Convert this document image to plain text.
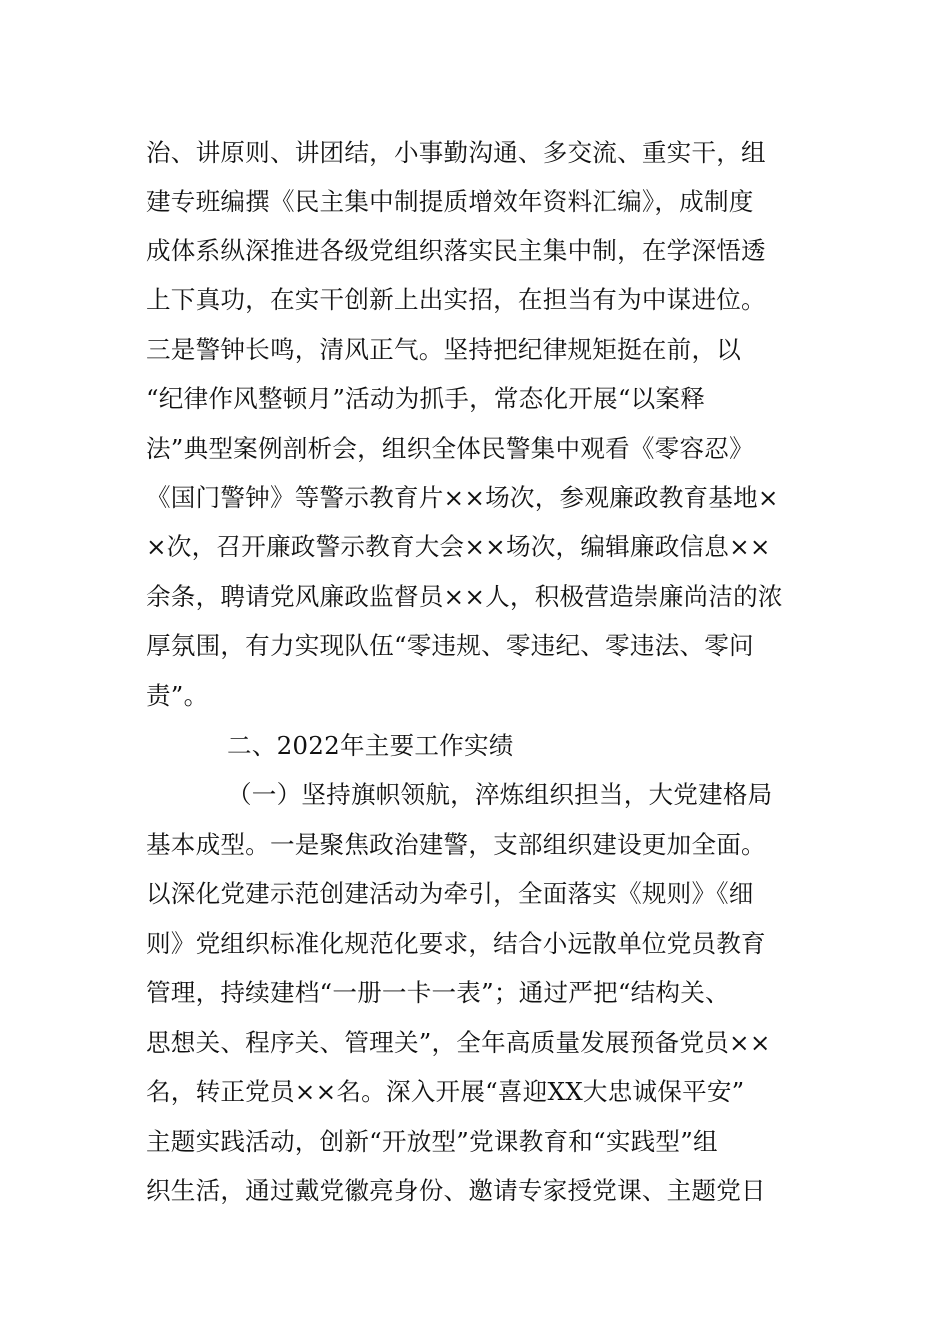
治、讲原则、讲团结，小事勤沟通、多交流、重实干，组
建专班编撰《民主集中制提质增效年资料汇编》，成制度
成体系纵深推进各级党组织落实民主集中制，在学深悟透
上下真功，在实干创新上出实招，在担当有为中谋进位。
三是警钟长鸣，清风正气。坚持把纪律规矩挺在前，以
“纪律作风整顿月”活动为抓手，常态化开展“以案释
法”典型案例剖析会，组织全体民警集中观看《零容忍》
《国门警钟》等警示教育片××场次，参观廉政教育基地×
×次，召开廉政警示教育大会××场次，编辑廉政信息××
余条，聘请党风廉政监督员××人，积极营造崇廉尚洁的浓
厚氛围，有力实现队伍“零违规、零违纪、零违法、零问
责”。
二、2022年主要工作实绩
（一）坚持旗帜领航，淬炼组织担当，大党建格局
基本成型。一是聚焦政治建警，支部组织建设更加全面。
以深化党建示范创建活动为牵引，全面落实《规则》《细
则》党组织标准化规范化要求，结合小远散单位党员教育
管理，持续建档“一册一卡一表”；通过严把“结构关、
思想关、程序关、管理关”，全年高质量发展预备党员××
名，转正党员××名。深入开展“喜迎XX大忠诚保平安”
主题实践活动，创新“开放型”党课教育和“实践型”组
织生活，通过戴党徽亮身份、邀请专家授党课、主题党日
